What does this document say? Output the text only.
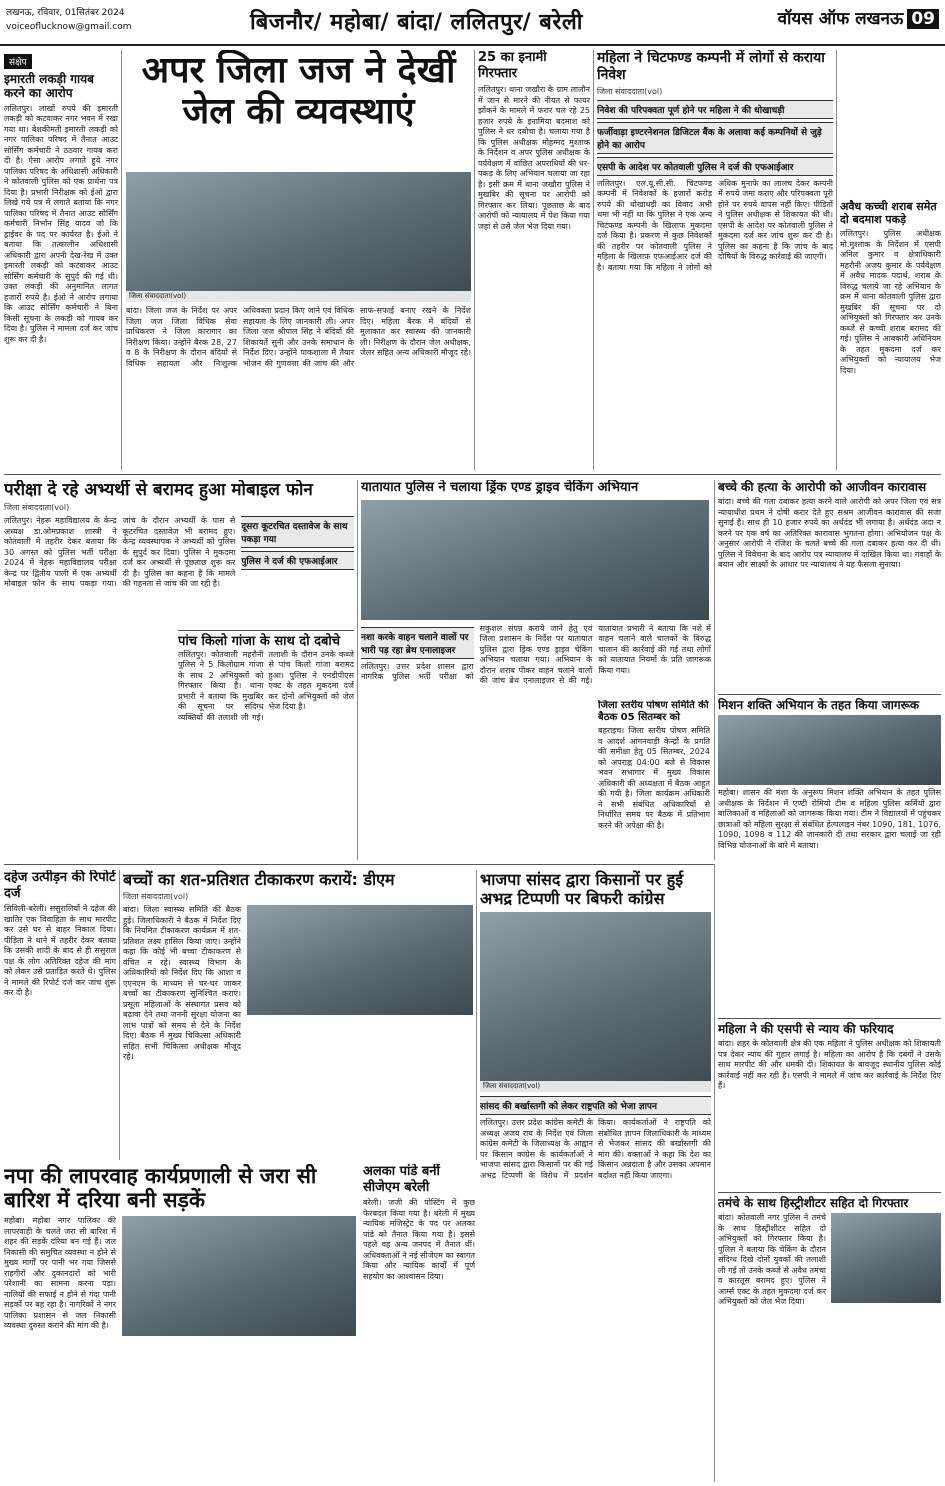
लखनऊ, रविवार, 01सितंबर 2024
voiceoflucknow@gmail.com	बिजनौर/ महोबा/ बांदा/ ललितपुर/ बरेली	वॉयस ऑफ लखनऊ 09
संक्षेप
इमारती लकड़ी गायब करने का आरोप
ललितपुर। लाखों रुपये की इमारती लकड़ी को कटवाकर नगर भवन में रखा गया था। बेशकीमती इमारती लकड़ी को नगर पालिका परिषद में तैनात आउट सोर्सिंग कर्मचारी ने ठठवार गायब करा दी है। ऐसा आरोप लगाते हुये नगर पालिका परिषद के अधिशासी अधिकारी ने कोतवाली पुलिस को एक प्रार्थना पत्र दिया है। प्रभारी निरीक्षक को ईओ द्वारा लिखे गये पत्र में लगाते बताया कि नगर पालिका परिषद में तैनात आउट सोर्सिंग कर्मचारी निर्भान सिंह यादव जो कि ड्राईवर के पद पर कार्यरत है। ईओ ने बताया कि तत्कालीन अधिशासी अधिकारी द्वारा अपनी देख-रेख में उक्त इमारती लकड़ी को कटवाकर आउट सोर्सिंग कर्मचारी के सुपुर्द की गई थी। उक्त लकड़ी की अनुमानित लागत हजारों रुपये है। ईओ ने आरोप लगाया कि आउट सोर्सिंग कर्मचारी ने बिना किसी सूचना के लकड़ी को गायब कर दिया है। पुलिस ने मामला दर्ज कर जांच शुरू कर दी है।
अपर जिला जज ने देखीं जेल की व्यवस्थाएं
जिला संवाददाता(vol)
बांदा। जिला जज के निर्देश पर अपर जिला जज जिला विधिक सेवा प्राधिकरण ने जिला कारागार का निरीक्षण किया। उन्होंने बैरक 28, 27 व 8 के निरीक्षण के दौरान बंदियों से विधिक सहायता और निःशुल्क अधिवक्ता प्रदान किए जाने एवं विधिक सहायता के लिए जानकारी ली। अपर जिला जज श्रीपाल सिंह ने बंदियों की शिकायतें सुनी और उनके समाधान के निर्देश दिए। उन्होंने पाकशाला में तैयार भोजन की गुणवत्ता की जांच की और साफ-सफाई बनाए रखने के निर्देश दिए। महिला बैरक में बंदियों से मुलाकात कर स्वास्थ्य की जानकारी ली। निरीक्षण के दौरान जेल अधीक्षक, जेलर सहित अन्य अधिकारी मौजूद रहे।
25 का इनामी गिरफ्तार
ललितपुर। थाना जखौरा के ग्राम लालौन में जान से मारने की नीयत से फायर झोंकने के मामले में फरार चल रहे 25 हजार रुपये के इनामिया बदमाश को पुलिस ने धर दबोचा है। चलाया गया है कि पुलिस अधीक्षक मोहम्मद मुश्ताक के निर्देशन व अपर पुलिस अधीक्षक के पर्यवेक्षण में वांछित अपराधियों की धर-पकड़ के लिए अभियान चलाया जा रहा है। इसी क्रम में थाना जखौरा पुलिस ने मुखबिर की सूचना पर आरोपी को गिरफ्तार कर लिया। पूछताछ के बाद आरोपी को न्यायालय में पेश किया गया जहां से उसे जेल भेज दिया गया।
महिला ने चिटफण्ड कम्पनी में लोगों से कराया निवेश
जिला संवाददाता(vol)
निवेश की परिपक्वता पूर्ण होने पर महिला ने की धोखाधड़ी
फर्जीवाड़ा इण्टरनेशनल डिजिटल बैंक के अलावा कई कम्पनियों से जुड़े होने का आरोप
एसपी के आदेश पर कोतवाली पुलिस ने दर्ज की एफआईआर
ललितपुर। एल.यू.सी.सी. चिटफण्ड कम्पनी में निवेशकों के हजारों करोड़ रुपये की धोखाधड़ी का विवाद अभी थमा भी नहीं था कि पुलिस ने एक अन्य चिटफण्ड कम्पनी के खिलाफ मुकदमा दर्ज किया है। प्रकरण में कुछ निवेशकों की तहरीर पर कोतवाली पुलिस ने महिला के खिलाफ एफआईआर दर्ज की है। बताया गया कि महिला ने लोगों को अधिक मुनाफे का लालच देकर कम्पनी में रुपये जमा कराए और परिपक्वता पूरी होने पर रुपये वापस नहीं किए। पीड़ितों ने पुलिस अधीक्षक से शिकायत की थी। एसपी के आदेश पर कोतवाली पुलिस ने मुकदमा दर्ज कर जांच शुरू कर दी है। पुलिस का कहना है कि जांच के बाद दोषियों के विरुद्ध कार्रवाई की जाएगी।
अवैध कच्ची शराब समेत दो बदमाश पकड़े
ललितपुर। पुलिस अधीक्षक मो.मुश्ताक के निर्देशन में एसपी अनिल कुमार व क्षेत्राधिकारी महरौनी अजय कुमार के पर्यवेक्षण में अवैध मादक पदार्थ, शराब के विरुद्ध चलाये जा रहे अभियान के क्रम में थाना कोतवाली पुलिस द्वारा मुखबिर की सूचना पर दो अभियुक्तों को गिरफ्तार कर उनके कब्जे से कच्ची शराब बरामद की गई। पुलिस ने आबकारी अधिनियम के तहत मुकदमा दर्ज कर अभियुक्तों को न्यायालय भेज दिया।
परीक्षा दे रहे अभ्यर्थी से बरामद हुआ मोबाइल फोन
जिला संवाददाता(vol)
ललितपुर। नेहरू महाविद्यालय के केन्द्र अध्यक्ष डा.ओमप्रकाश शास्त्री ने कोतवाली में तहरीर देकर बताया कि 30 अगस्त को पुलिस भर्ती परीक्षा 2024 में नेहरू महाविद्यालय परीक्षा केन्द्र पर द्वितीय पाली में एक अभ्यर्थी मोबाइल फोन के साथ पकड़ा गया। जांच के दौरान अभ्यर्थी के पास से कूटरचित दस्तावेज भी बरामद हुए। केन्द्र व्यवस्थापक ने अभ्यर्थी को पुलिस के सुपुर्द कर दिया। पुलिस ने मुकदमा दर्ज कर अभ्यर्थी से पूछताछ शुरू कर दी है। पुलिस का कहना है कि मामले की गहनता से जांच की जा रही है।
दूसरा कूटरचित दस्तावेज के साथ पकड़ा गया
पुलिस ने दर्ज की एफआईआर
पांच किलो गांजा के साथ दो दबोचे
ललितपुर। कोतवाली महरौनी पुलिस ने 5 किलोग्राम गांजा के साथ 2 अभियुक्तों को गिरफ्तार किया है। थाना प्रभारी ने बताया कि मुखबिर की सूचना पर संदिग्ध व्यक्तियों की तलाशी ली गई। तलाशी के दौरान उनके कब्जे से पांच किलो गांजा बरामद हुआ। पुलिस ने एनडीपीएस एक्ट के तहत मुकदमा दर्ज कर दोनों अभियुक्तों को जेल भेज दिया है।
यातायात पुलिस ने चलाया ड्रिंक एण्ड ड्राइव चेकिंग अभियान
नशा करके वाहन चलाने वालों पर भारी पड़ रहा ब्रेथ एनालाइजर
ललितपुर। उत्तर प्रदेश शासन द्वारा नागरिक पुलिस भर्ती परीक्षा को सकुशल संपन्न कराये जाने हेतु एवं जिला प्रशासन के निर्देश पर यातायात पुलिस द्वारा ड्रिंक एण्ड ड्राइव चेकिंग अभियान चलाया गया। अभियान के दौरान शराब पीकर वाहन चलाने वालों की जांच ब्रेथ एनालाइजर से की गई। यातायात प्रभारी ने बताया कि नशे में वाहन चलाने वाले चालकों के विरुद्ध चालान की कार्रवाई की गई तथा लोगों को यातायात नियमों के प्रति जागरूक किया गया।
बच्चे की हत्या के आरोपी को आजीवन कारावास
बांदा। बच्चे की गला दबाकर हत्या करने वाले आरोपी को अपर जिला एवं सत्र न्यायाधीश प्रथम ने दोषी करार देते हुए सश्रम आजीवन कारावास की सजा सुनाई है। साथ ही 10 हजार रुपये का अर्थदंड भी लगाया है। अर्थदंड अदा न करने पर एक वर्ष का अतिरिक्त कारावास भुगतना होगा। अभियोजन पक्ष के अनुसार आरोपी ने रंजिश के चलते बच्चे की गला दबाकर हत्या कर दी थी। पुलिस ने विवेचना के बाद आरोप पत्र न्यायालय में दाखिल किया था। गवाहों के बयान और साक्ष्यों के आधार पर न्यायालय ने यह फैसला सुनाया।
जिला स्तरीय पोषण समिति की बैठक 05 सितम्बर को
बहराइच। जिला स्तरीय पोषण समिति व आदर्श आंगनवाड़ी केन्द्रों के प्रगति की समीक्षा हेतु 05 सितम्बर, 2024 को अपराह्न 04:00 बजे से विकास भवन सभागार में मुख्य विकास अधिकारी की अध्यक्षता में बैठक आहूत की गयी है। जिला कार्यक्रम अधिकारी ने सभी संबंधित अधिकारियों से निर्धारित समय पर बैठक में प्रतिभाग करने की अपेक्षा की है।
मिशन शक्ति अभियान के तहत किया जागरूक
महोबा। शासन की मंशा के अनुरूप मिशन शक्ति अभियान के तहत पुलिस अधीक्षक के निर्देशन में एण्टी रोमियो टीम व महिला पुलिस कर्मियों द्वारा बालिकाओं व महिलाओं को जागरूक किया गया। टीम ने विद्यालयों में पहुंचकर छात्राओं को महिला सुरक्षा से संबंधित हेल्पलाइन नंबर 1090, 181, 1076, 1090, 1098 व 112 की जानकारी दी तथा सरकार द्वारा चलाई जा रही विभिन्न योजनाओं के बारे में बताया।
दहेज उत्पीड़न की रिपोर्ट दर्ज
सिविली-बरेली। ससुरालियों ने दहेज की खातिर एक विवाहिता के साथ मारपीट कर उसे घर से बाहर निकाल दिया। पीड़िता ने थाने में तहरीर देकर बताया कि उसकी शादी के बाद से ही ससुराल पक्ष के लोग अतिरिक्त दहेज की मांग को लेकर उसे प्रताड़ित करते थे। पुलिस ने मामले की रिपोर्ट दर्ज कर जांच शुरू कर दी है।
बच्चों का शत-प्रतिशत टीकाकरण करायें: डीएम
जिला संवाददाता(vol)
बांदा। जिला स्वास्थ्य समिति की बैठक हुई। जिलाधिकारी ने बैठक में निर्देश दिए कि नियमित टीकाकरण कार्यक्रम में शत-प्रतिशत लक्ष्य हासिल किया जाए। उन्होंने कहा कि कोई भी बच्चा टीकाकरण से वंचित न रहे। स्वास्थ्य विभाग के अधिकारियों को निर्देश दिए कि आशा व एएनएम के माध्यम से घर-घर जाकर बच्चों का टीकाकरण सुनिश्चित कराएं। प्रसूता महिलाओं के संस्थागत प्रसव को बढ़ावा देने तथा जननी सुरक्षा योजना का लाभ पात्रों को समय से देने के निर्देश दिए। बैठक में मुख्य चिकित्सा अधिकारी सहित सभी चिकित्सा अधीक्षक मौजूद रहे।
भाजपा सांसद द्वारा किसानों पर हुई अभद्र टिप्पणी पर बिफरी कांग्रेस
जिला संवाददाता(vol)
सांसद की बर्खास्तगी को लेकर राष्ट्रपति को भेजा ज्ञापन
ललितपुर। उत्तर प्रदेश कांग्रेस कमेटी के अध्यक्ष अजय राय के निर्देश एवं जिला कांग्रेस कमेटी के जिलाध्यक्ष के आह्वान पर किसान कांग्रेस के कार्यकर्ताओं ने भाजपा सांसद द्वारा किसानों पर की गई अभद्र टिप्पणी के विरोध में प्रदर्शन किया। कार्यकर्ताओं ने राष्ट्रपति को संबोधित ज्ञापन जिलाधिकारी के माध्यम से भेजकर सांसद की बर्खास्तगी की मांग की। वक्ताओं ने कहा कि देश का किसान अन्नदाता है और उसका अपमान बर्दाश्त नहीं किया जाएगा।
अलका पांडे बनीं सीजेएम बरेली
बरेली। जजी की पोस्टिंग में कुछ फेरबदल किया गया है। बरेली में मुख्य न्यायिक मजिस्ट्रेट के पद पर अलका पांडे को तैनात किया गया है। इससे पहले वह अन्य जनपद में तैनात थीं। अधिवक्ताओं ने नई सीजेएम का स्वागत किया और न्यायिक कार्यों में पूर्ण सहयोग का आश्वासन दिया।
नपा की लापरवाह कार्यप्रणाली से जरा सी बारिश में दरिया बनी सड़कें
महोबा। महोबा नगर पालिका की लापरवाही के चलते जरा सी बारिश में शहर की सड़कें दरिया बन गई हैं। जल निकासी की समुचित व्यवस्था न होने से मुख्य मार्गों पर पानी भर गया जिससे राहगीरों और दुकानदारों को भारी परेशानी का सामना करना पड़ा। नालियों की सफाई न होने से गंदा पानी सड़कों पर बह रहा है। नागरिकों ने नगर पालिका प्रशासन से जल निकासी व्यवस्था दुरुस्त कराने की मांग की है।
महिला ने की एसपी से न्याय की फरियाद
बांदा। शहर के कोतवाली क्षेत्र की एक महिला ने पुलिस अधीक्षक को शिकायती पत्र देकर न्याय की गुहार लगाई है। महिला का आरोप है कि दबंगों ने उसके साथ मारपीट की और धमकी दी। शिकायत के बावजूद स्थानीय पुलिस कोई कार्रवाई नहीं कर रही है। एसपी ने मामले में जांच कर कार्रवाई के निर्देश दिए हैं।
तमंचे के साथ हिस्ट्रीशीटर सहित दो गिरफ्तार
बांदा। कोतवाली नगर पुलिस ने तमंचे के साथ हिस्ट्रीशीटर सहित दो अभियुक्तों को गिरफ्तार किया है। पुलिस ने बताया कि चेकिंग के दौरान संदिग्ध दिखे दोनों युवकों की तलाशी ली गई तो उनके कब्जे से अवैध तमंचा व कारतूस बरामद हुए। पुलिस ने आर्म्स एक्ट के तहत मुकदमा दर्ज कर अभियुक्तों को जेल भेज दिया।
